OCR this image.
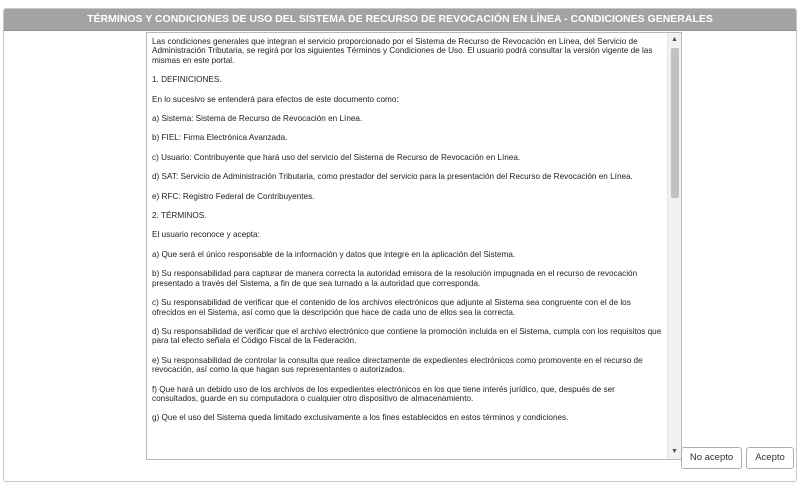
TÉRMINOS Y CONDICIONES DE USO DEL SISTEMA DE RECURSO DE REVOCACIÓN EN LÍNEA - CONDICIONES GENERALES

Las condiciones generales que integran el servicio proporcionado por el Sistema de Recurso de Revocación en Línea, del Servicio de Administración Tributaria, se regirá por los siguientes Términos y Condiciones de Uso. El usuario podrá consultar la versión vigente de las mismas en este portal.

1. DEFINICIONES.

En lo sucesivo se entenderá para efectos de este documento como:

a) Sistema: Sistema de Recurso de Revocación en Línea.

b) FIEL: Firma Electrónica Avanzada.

c) Usuario: Contribuyente que hará uso del servicio del Sistema de Recurso de Revocación en Línea.

d) SAT: Servicio de Administración Tributaria, como prestador del servicio para la presentación del Recurso de Revocación en Línea.

e) RFC: Registro Federal de Contribuyentes.

2. TÉRMINOS.

El usuario reconoce y acepta:

a) Que será el único responsable de la información y datos que integre en la aplicación del Sistema.

b) Su responsabilidad para capturar de manera correcta la autoridad emisora de la resolución impugnada en el recurso de revocación presentado a través del Sistema, a fin de que sea turnado a la autoridad que corresponda.

c) Su responsabilidad de verificar que el contenido de los archivos electrónicos que adjunte al Sistema sea congruente con el de los ofrecidos en el Sistema, así como que la descripción que hace de cada uno de ellos sea la correcta.

d) Su responsabilidad de verificar que el archivo electrónico que contiene la promoción incluida en el Sistema, cumpla con los requisitos que para tal efecto señala el Código Fiscal de la Federación.

e) Su responsabilidad de controlar la consulta que realice directamente de expedientes electrónicos como promovente en el recurso de revocación, así como la que hagan sus representantes o autorizados.

f) Que hará un debido uso de los archivos de los expedientes electrónicos en los que tiene interés jurídico, que, después de ser consultados, guarde en su computadora o cualquier otro dispositivo de almacenamiento.

g) Que el uso del Sistema queda limitado exclusivamente a los fines establecidos en estos términos y condiciones.

▲
▼
No acepto	Acepto
